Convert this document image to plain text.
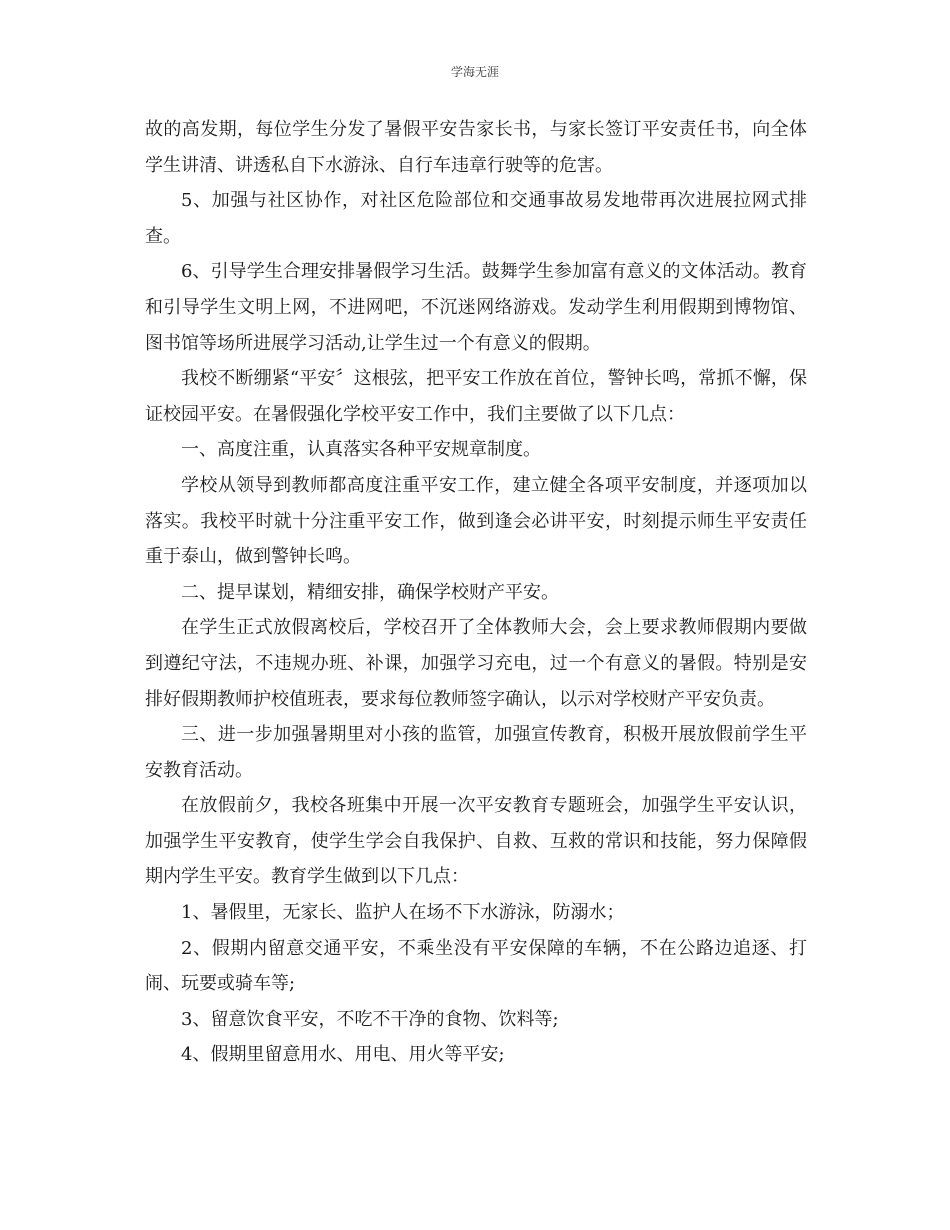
学海无涯

故的高发期，每位学生分发了暑假平安告家长书，与家长签订平安责任书，向全体学生讲清、讲透私自下水游泳、自行车违章行驶等的危害。

5、加强与社区协作，对社区危险部位和交通事故易发地带再次进展拉网式排查。

6、引导学生合理安排暑假学习生活。鼓舞学生参加富有意义的文体活动。教育和引导学生文明上网，不进网吧，不沉迷网络游戏。发动学生利用假期到博物馆、图书馆等场所进展学习活动,让学生过一个有意义的假期。

我校不断绷紧“平安〞这根弦，把平安工作放在首位，警钟长鸣，常抓不懈，保证校园平安。在暑假强化学校平安工作中，我们主要做了以下几点：

一、高度注重，认真落实各种平安规章制度。

学校从领导到教师都高度注重平安工作，建立健全各项平安制度，并逐项加以落实。我校平时就十分注重平安工作，做到逢会必讲平安，时刻提示师生平安责任重于泰山，做到警钟长鸣。

二、提早谋划，精细安排，确保学校财产平安。

在学生正式放假离校后，学校召开了全体教师大会，会上要求教师假期内要做到遵纪守法，不违规办班、补课，加强学习充电，过一个有意义的暑假。特别是安排好假期教师护校值班表，要求每位教师签字确认，以示对学校财产平安负责。

三、进一步加强暑期里对小孩的监管，加强宣传教育，积极开展放假前学生平安教育活动。

在放假前夕，我校各班集中开展一次平安教育专题班会，加强学生平安认识，加强学生平安教育，使学生学会自我保护、自救、互救的常识和技能，努力保障假期内学生平安。教育学生做到以下几点：

1、暑假里，无家长、监护人在场不下水游泳，防溺水；

2、假期内留意交通平安，不乘坐没有平安保障的车辆，不在公路边追逐、打闹、玩要或骑车等;

3、留意饮食平安，不吃不干净的食物、饮料等;

4、假期里留意用水、用电、用火等平安;
